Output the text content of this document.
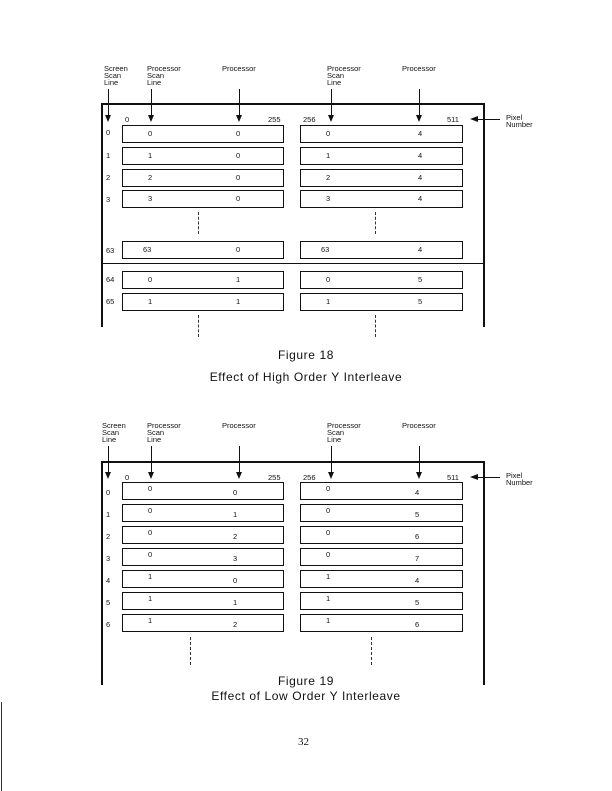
Screen
Scan
Line
Processor
Scan
Line
Processor	Processor
Scan
Line
Processor
Pixel
Number
0	255	256	511
0	0	0	0	4
1	1	0	1	4
2	2	0	2	4
3	3	0	3	4
63	63	0	63	4
64	0	1	0	5
65	1	1	1	5
Figure 18
Effect of High Order Y Interleave
Screen
Scan
Line
Processor
Scan
Line
Processor	Processor
Scan
Line
Processor
Pixel
Number
0	255	256	511
0	0	0	0	4
1	0	1	0	5
2	0	2	0	6
3	0	3	0	7
4	1	0	1	4
5	1	1	1	5
6	1	2	1	6
Figure 19
Effect of Low Order Y Interleave
32
